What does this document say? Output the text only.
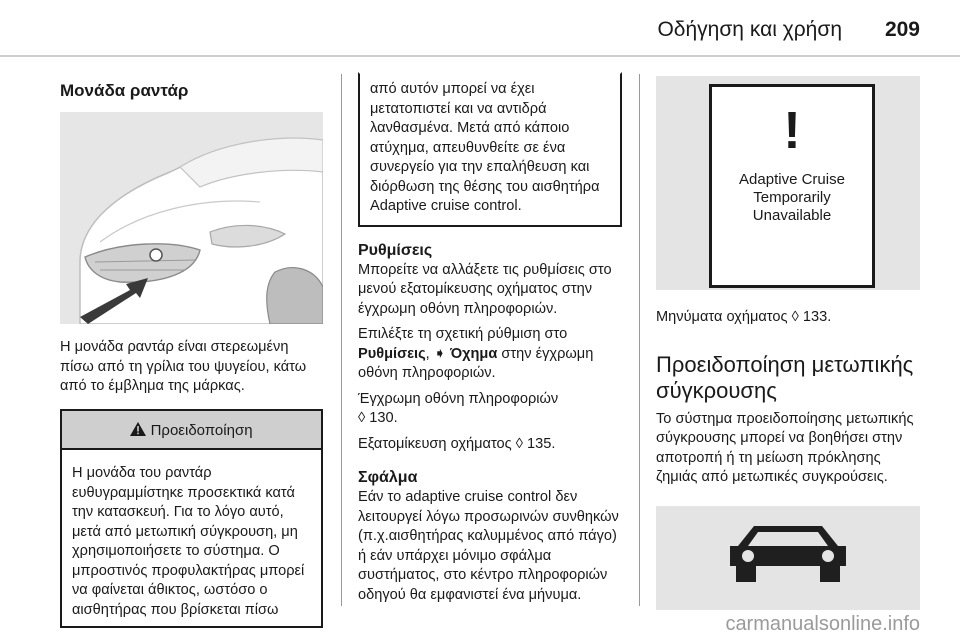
Οδήγηση και χρήση 209
Μονάδα ραντάρ
Η μονάδα ραντάρ είναι στερεωμένη πίσω από τη γρίλια του ψυγείου, κάτω από το έμβλημα της μάρκας.
Προειδοποίηση
Η μονάδα του ραντάρ ευθυγραμμίστηκε προσεκτικά κατά την κατασκευή. Για το λόγο αυτό, μετά από μετωπική σύγκρουση, μη χρησιμοποιήσετε το σύστημα. Ο μπροστινός προφυλακτήρας μπορεί να φαίνεται άθικτος, ωστόσο ο αισθητήρας που βρίσκεται πίσω
από αυτόν μπορεί να έχει μετατοπιστεί και να αντιδρά λανθασμένα. Μετά από κάποιο ατύχημα, απευθυνθείτε σε ένα συνεργείο για την επαλήθευση και διόρθωση της θέσης του αισθητήρα Adaptive cruise control.
Ρυθμίσεις
Μπορείτε να αλλάξετε τις ρυθμίσεις στο μενού εξατομίκευσης οχήματος στην έγχρωμη οθόνη πληροφοριών.
Επιλέξτε τη σχετική ρύθμιση στο Ρυθμίσεις, ➧ Όχημα στην έγχρωμη οθόνη πληροφοριών.
Έγχρωμη οθόνη πληροφοριών
◊ 130.
Εξατομίκευση οχήματος ◊ 135.
Σφάλμα
Εάν το adaptive cruise control δεν λειτουργεί λόγω προσωρινών συνθηκών (π.χ.αισθητήρας καλυμμένος από πάγο) ή εάν υπάρχει μόνιμο σφάλμα συστήματος, στο κέντρο πληροφοριών οδηγού θα εμφανιστεί ένα μήνυμα.
!
Adaptive Cruise
Temporarily
Unavailable
Μηνύματα οχήματος ◊ 133.
Προειδοποίηση μετωπικής σύγκρουσης
Το σύστημα προειδοποίησης μετωπικής σύγκρουσης μπορεί να βοηθήσει στην αποτροπή ή τη μείωση πρόκλησης ζημιάς από μετωπικές συγκρούσεις.
carmanualsonline.info
